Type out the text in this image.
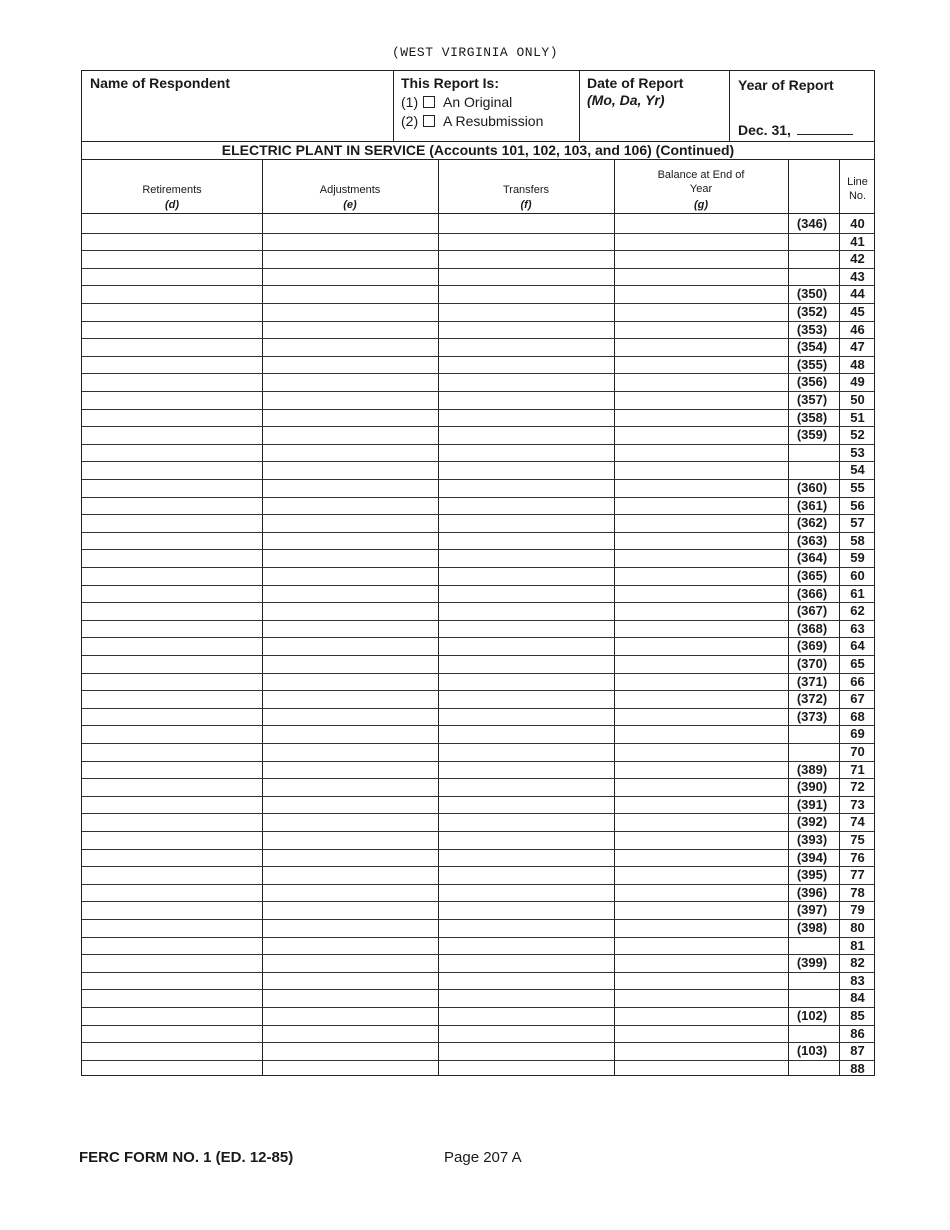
(WEST VIRGINIA ONLY)
Name of Respondent	This Report Is:
(1)	An Original
(2)	A Resubmission
Date of Report
(Mo, Da, Yr)
Year of Report
Dec. 31,
ELECTRIC PLANT IN SERVICE (Accounts 101, 102, 103, and 106) (Continued)
Retirements
(d)
Adjustments
(e)
Transfers
(f)
Balance at End of Year
(g)
Line No.
(346)	40
41
42
43
(350)	44
(352)	45
(353)	46
(354)	47
(355)	48
(356)	49
(357)	50
(358)	51
(359)	52
53
54
(360)	55
(361)	56
(362)	57
(363)	58
(364)	59
(365)	60
(366)	61
(367)	62
(368)	63
(369)	64
(370)	65
(371)	66
(372)	67
(373)	68
69
70
(389)	71
(390)	72
(391)	73
(392)	74
(393)	75
(394)	76
(395)	77
(396)	78
(397)	79
(398)	80
81
(399)	82
83
84
(102)	85
86
(103)	87
88
FERC FORM NO. 1 (ED. 12-85)	Page 207 A
